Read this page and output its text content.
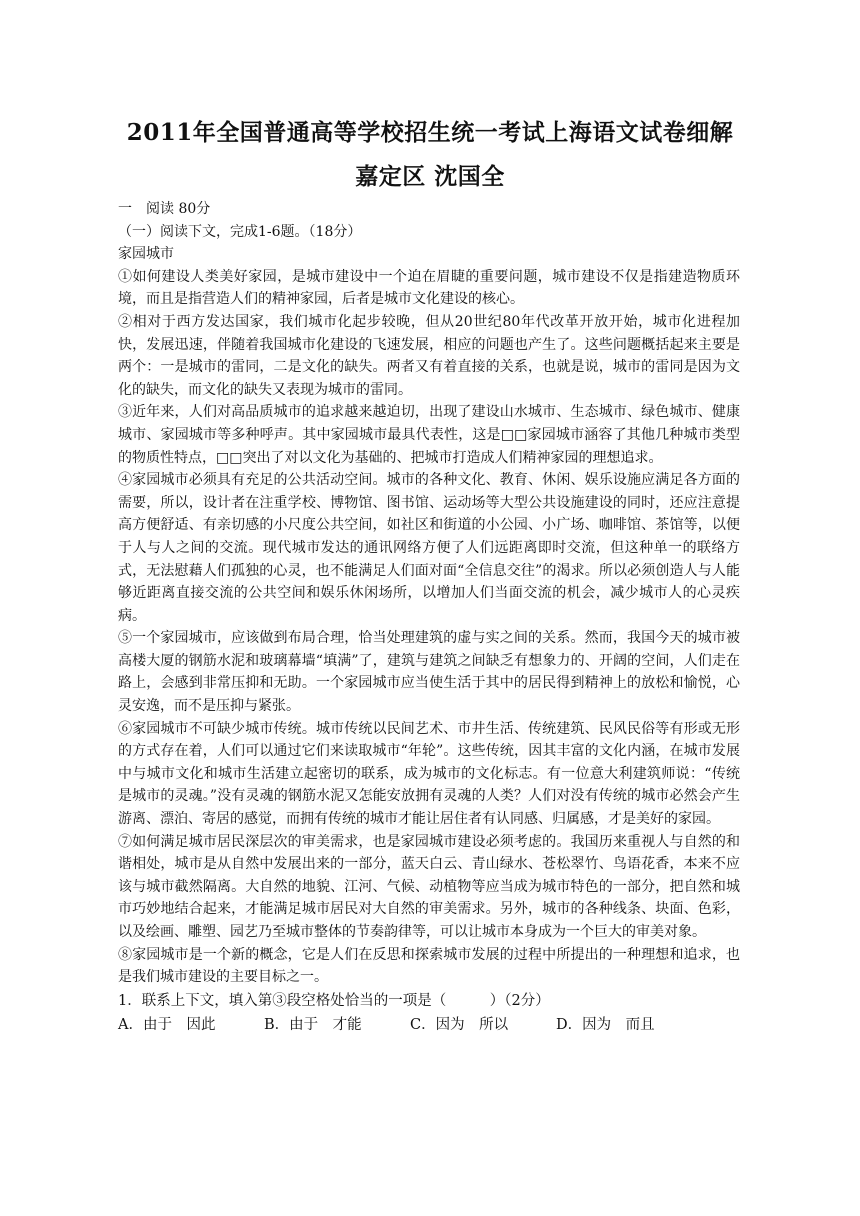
2011年全国普通高等学校招生统一考试上海语文试卷细解
嘉定区 沈国全

一　阅读 80分

（一）阅读下文，完成1-6题。（18分）

家园城市

①如何建设人类美好家园，是城市建设中一个迫在眉睫的重要问题，城市建设不仅是指建造物质环境，而且是指营造人们的精神家园，后者是城市文化建设的核心。

②相对于西方发达国家，我们城市化起步较晚，但从20世纪80年代改革开放开始，城市化进程加快，发展迅速，伴随着我国城市化建设的飞速发展，相应的问题也产生了。这些问题概括起来主要是两个：一是城市的雷同，二是文化的缺失。两者又有着直接的关系，也就是说，城市的雷同是因为文化的缺失，而文化的缺失又表现为城市的雷同。

③近年来，人们对高品质城市的追求越来越迫切，出现了建设山水城市、生态城市、绿色城市、健康城市、家园城市等多种呼声。其中家园城市最具代表性，这是□□家园城市涵容了其他几种城市类型的物质性特点，□□突出了对以文化为基础的、把城市打造成人们精神家园的理想追求。

④家园城市必须具有充足的公共活动空间。城市的各种文化、教育、休闲、娱乐设施应满足各方面的需要，所以，设计者在注重学校、博物馆、图书馆、运动场等大型公共设施建设的同时，还应注意提高方便舒适、有亲切感的小尺度公共空间，如社区和街道的小公园、小广场、咖啡馆、茶馆等，以便于人与人之间的交流。现代城市发达的通讯网络方便了人们远距离即时交流，但这种单一的联络方式，无法慰藉人们孤独的心灵，也不能满足人们面对面“全信息交往”的渴求。所以必须创造人与人能够近距离直接交流的公共空间和娱乐休闲场所，以增加人们当面交流的机会，减少城市人的心灵疾病。

⑤一个家园城市，应该做到布局合理，恰当处理建筑的虚与实之间的关系。然而，我国今天的城市被高楼大厦的钢筋水泥和玻璃幕墙“填满”了，建筑与建筑之间缺乏有想象力的、开阔的空间，人们走在路上，会感到非常压抑和无助。一个家园城市应当使生活于其中的居民得到精神上的放松和愉悦，心灵安逸，而不是压抑与紧张。

⑥家园城市不可缺少城市传统。城市传统以民间艺术、市井生活、传统建筑、民风民俗等有形或无形的方式存在着，人们可以通过它们来读取城市“年轮”。这些传统，因其丰富的文化内涵，在城市发展中与城市文化和城市生活建立起密切的联系，成为城市的文化标志。有一位意大利建筑师说：“传统是城市的灵魂。”没有灵魂的钢筋水泥又怎能安放拥有灵魂的人类？人们对没有传统的城市必然会产生游离、漂泊、寄居的感觉，而拥有传统的城市才能让居住者有认同感、归属感，才是美好的家园。

⑦如何满足城市居民深层次的审美需求，也是家园城市建设必须考虑的。我国历来重视人与自然的和谐相处，城市是从自然中发展出来的一部分，蓝天白云、青山绿水、苍松翠竹、鸟语花香，本来不应该与城市截然隔离。大自然的地貌、江河、气候、动植物等应当成为城市特色的一部分，把自然和城市巧妙地结合起来，才能满足城市居民对大自然的审美需求。另外，城市的各种线条、块面、色彩，以及绘画、雕塑、园艺乃至城市整体的节奏韵律等，可以让城市本身成为一个巨大的审美对象。

⑧家园城市是一个新的概念，它是人们在反思和探索城市发展的过程中所提出的一种理想和追求，也是我们城市建设的主要目标之一。

1．联系上下文，填入第③段空格处恰当的一项是（　　　）（2分）

A．由于　因此	B．由于　才能	C．因为　所以	D．因为　而且
